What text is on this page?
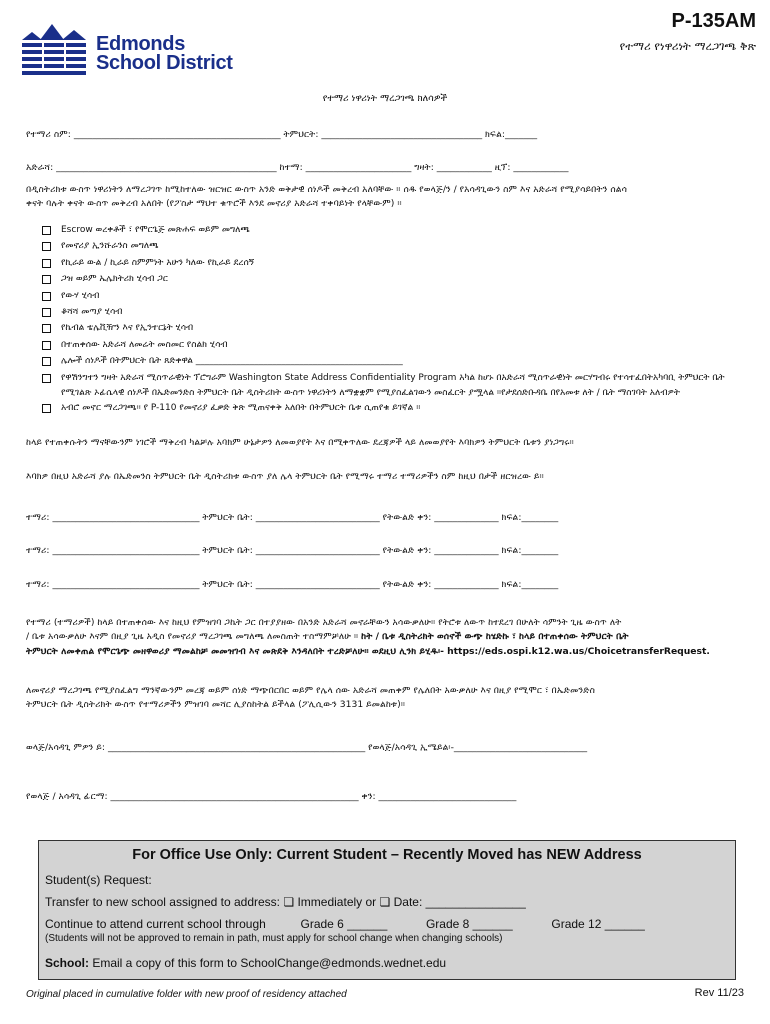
P-135AM
የተማሪ የነዋሪነት ማረጋገጫ ቅጽ
Edmonds
School District
የተማሪ ነዋሪነት ማረጋገጫ ክለሳዎች
የተማሪ ስም: _____________________________________________ ትምህርት: ___________________________________ ክፍል:_______
አድራሻ: ________________________________________________ ከተማ: _______________________ ግዛት: ____________ ዚፕ: ____________
በዲስትሪክቱ ውስጥ ነዋሪነትን ለማረጋገጥ ከሚከተለው ዝርዝር ውስጥ አንድ ወቅታዊ ሰነዶች መቅረብ አለባቸው ። ሰዱ የወላጅ/ን / የአሳዳጊውን ስም እና አድራሻ የሚያሳይበትን ሰልሳ
ቀናት ባሉት ቀናት ውስጥ መቅረብ አለበት (የፖስታ ማህተ ቁጥሮች እንደ መኖሪያ አድራሻ ተቀባይነት የላቸውም) ።
Escrow ወረቀቶች ፣ የሞርጌጅ መጽሐፍ ወይም መግለጫ
የመኖሪያ ኢንሹራንስ መግለጫ
የኪራይ ውል / ኪራይ ስምምነት አሁን ካለው የኪራይ ደረሰኝ
ጋዝ ወይም ኤሌክትሪክ ሂሳብ ጋር
የውሃ ሂሳብ
ቆሻሻ መጣያ ሂሳብ
የኬብል ቴሌቪዥን እና የኢንተርኔት ሂሳብ
በተጠቀሰው አድራሻ ለመሬት መስመር የስልክ ሂሳብ
ሌሎች ሰነዶች በትምህርት ቤት ጸድቀዋል ______________________________________________
የዋሽንግተን ግዛት አድራሻ ሚስጥራዊነት ፕሮግራም Washington State Address Confidentiality Program አካል ከሆኑ በአድራሻ ሚስጥራዊነት መርሃግብሩ የተሳተፈበትአካባቢ ትምህርት ቤት የሚገልጽ ኦፊሴላዊ ሰነዶች በኤድመንድስ ትምህርት ቤት ዲስትሪክት ውስጥ ነዋሪነትን ለማቋቋም የሚያስፈልገውን መስፈርት ያሟላል ።የታደሰድቡዳቤ በየአመቱ ለት / ቤት ማስገባት አለብዎት
አብሮ መኖር ማረጋገጫ፡፡ የ P-110 የመኖሪያ ፈቃድ ቅጽ ሚጠናቀቅ አለበት በትምህርት ቤቱ ሲጠየቁ ይገኛል ።
ከላይ የተጠቀሱትን ማናቸውንም ነገሮች ማቅረብ ካልቻሉ አባክም ሁኔታዎን ለመወያየት እና በሚቀጥለው ደረጃዎች ላይ ለመወያየት እባክዎን ትምህርት ቤቱን ያነጋግሩ።
እባክዎ በዚህ አድራሻ ያሉ በኤድመንስ ትምህርት ቤት ዲስትሪክቱ ውስጥ ያለ ሌላ ትምህርት ቤት የሚማሩ ተማሪ ተማሪዎችን ስም ከዚህ በታች ዘርዝረው ይ።
ተማሪ: ________________________________ ትምህርት ቤት: ___________________________ የትውልድ ቀን: ______________ ክፍል:________
ተማሪ: ________________________________ ትምህርት ቤት: ___________________________ የትውልድ ቀን: ______________ ክፍል:________
ተማሪ: ________________________________ ትምህርት ቤት: ___________________________ የትውልድ ቀን: ______________ ክፍል:________
የተማሪ (ተማሪዎች) ከላይ በተጠቀሰው እና ከዚህ የምዝገባ ጋኬት ጋር በተያያዘው በአንድ አድራሻ መኖራቸውን አሳውቃለሁ። የትሮቱ ለውጥ ከተደረገ በሁለት ሳምንት ጊዜ ውስጥ ለት
/ ቤቱ አሳውቃለሁ እናም በዚያ ጊዜ አዲስ የመኖሪያ ማረጋገጫ መግለጫ ለመስጠት ተስማምቻለሁ ። ከት / ቤቱ ዲስትሪክት ወሰኖች ውጭ ከሄድኩ ፣ ከላይ በተጠቀሰው ትምህርት ቤት
ትምህርት ለመቀጠል የሞርጌጭ መዘዋወሪያ ማመልከቻ መመዝገብ እና መጽደቅ እንዳለበት ተረድቻለሁ። ወደዚህ ሊንክ ይሂዱ፡- https://eds.ospi.k12.wa.us/ChoicetransferRequest.
ለመኖሪያ ማረጋገጫ የሚያስፈልግ ማንኛውንም መረጃ ወይም ሰነድ ማጭበርበር ወይም የሌላ ሰው አድራሻ መጠቀም የሌለበት አውቃለሁ እና በዚያ የሚሞር ፣ በኤድመንድስ
ትምህርት ቤት ዲስትሪክት ውስጥ የተማሪዎችን ምዝገባ መሻር ሊያስከትል ይችላል (ፖሊሲውን 3131 ይመልከቱ)።
ወላጅ/አሳዳጊ ምዎን ይ: ________________________________________________________ የወላጅ/አሳዳጊ ኢሜይል፡-_____________________________
የወላጅ / አሳዳጊ ፊርማ: ______________________________________________________ ቀን: ______________________________
For Office Use Only: Current Student – Recently Moved has NEW Address
Student(s) Request:
Transfer to new school assigned to address: ❏ Immediately or ❏ Date: _______________
Continue to attend current school through	Grade 6 ______	Grade 8 ______	Grade 12 ______
(Students will not be approved to remain in path, must apply for school change when changing schools)
School: Email a copy of this form to SchoolChange@edmonds.wednet.edu
Original placed in cumulative folder with new proof of residency attached	Rev 11/23
